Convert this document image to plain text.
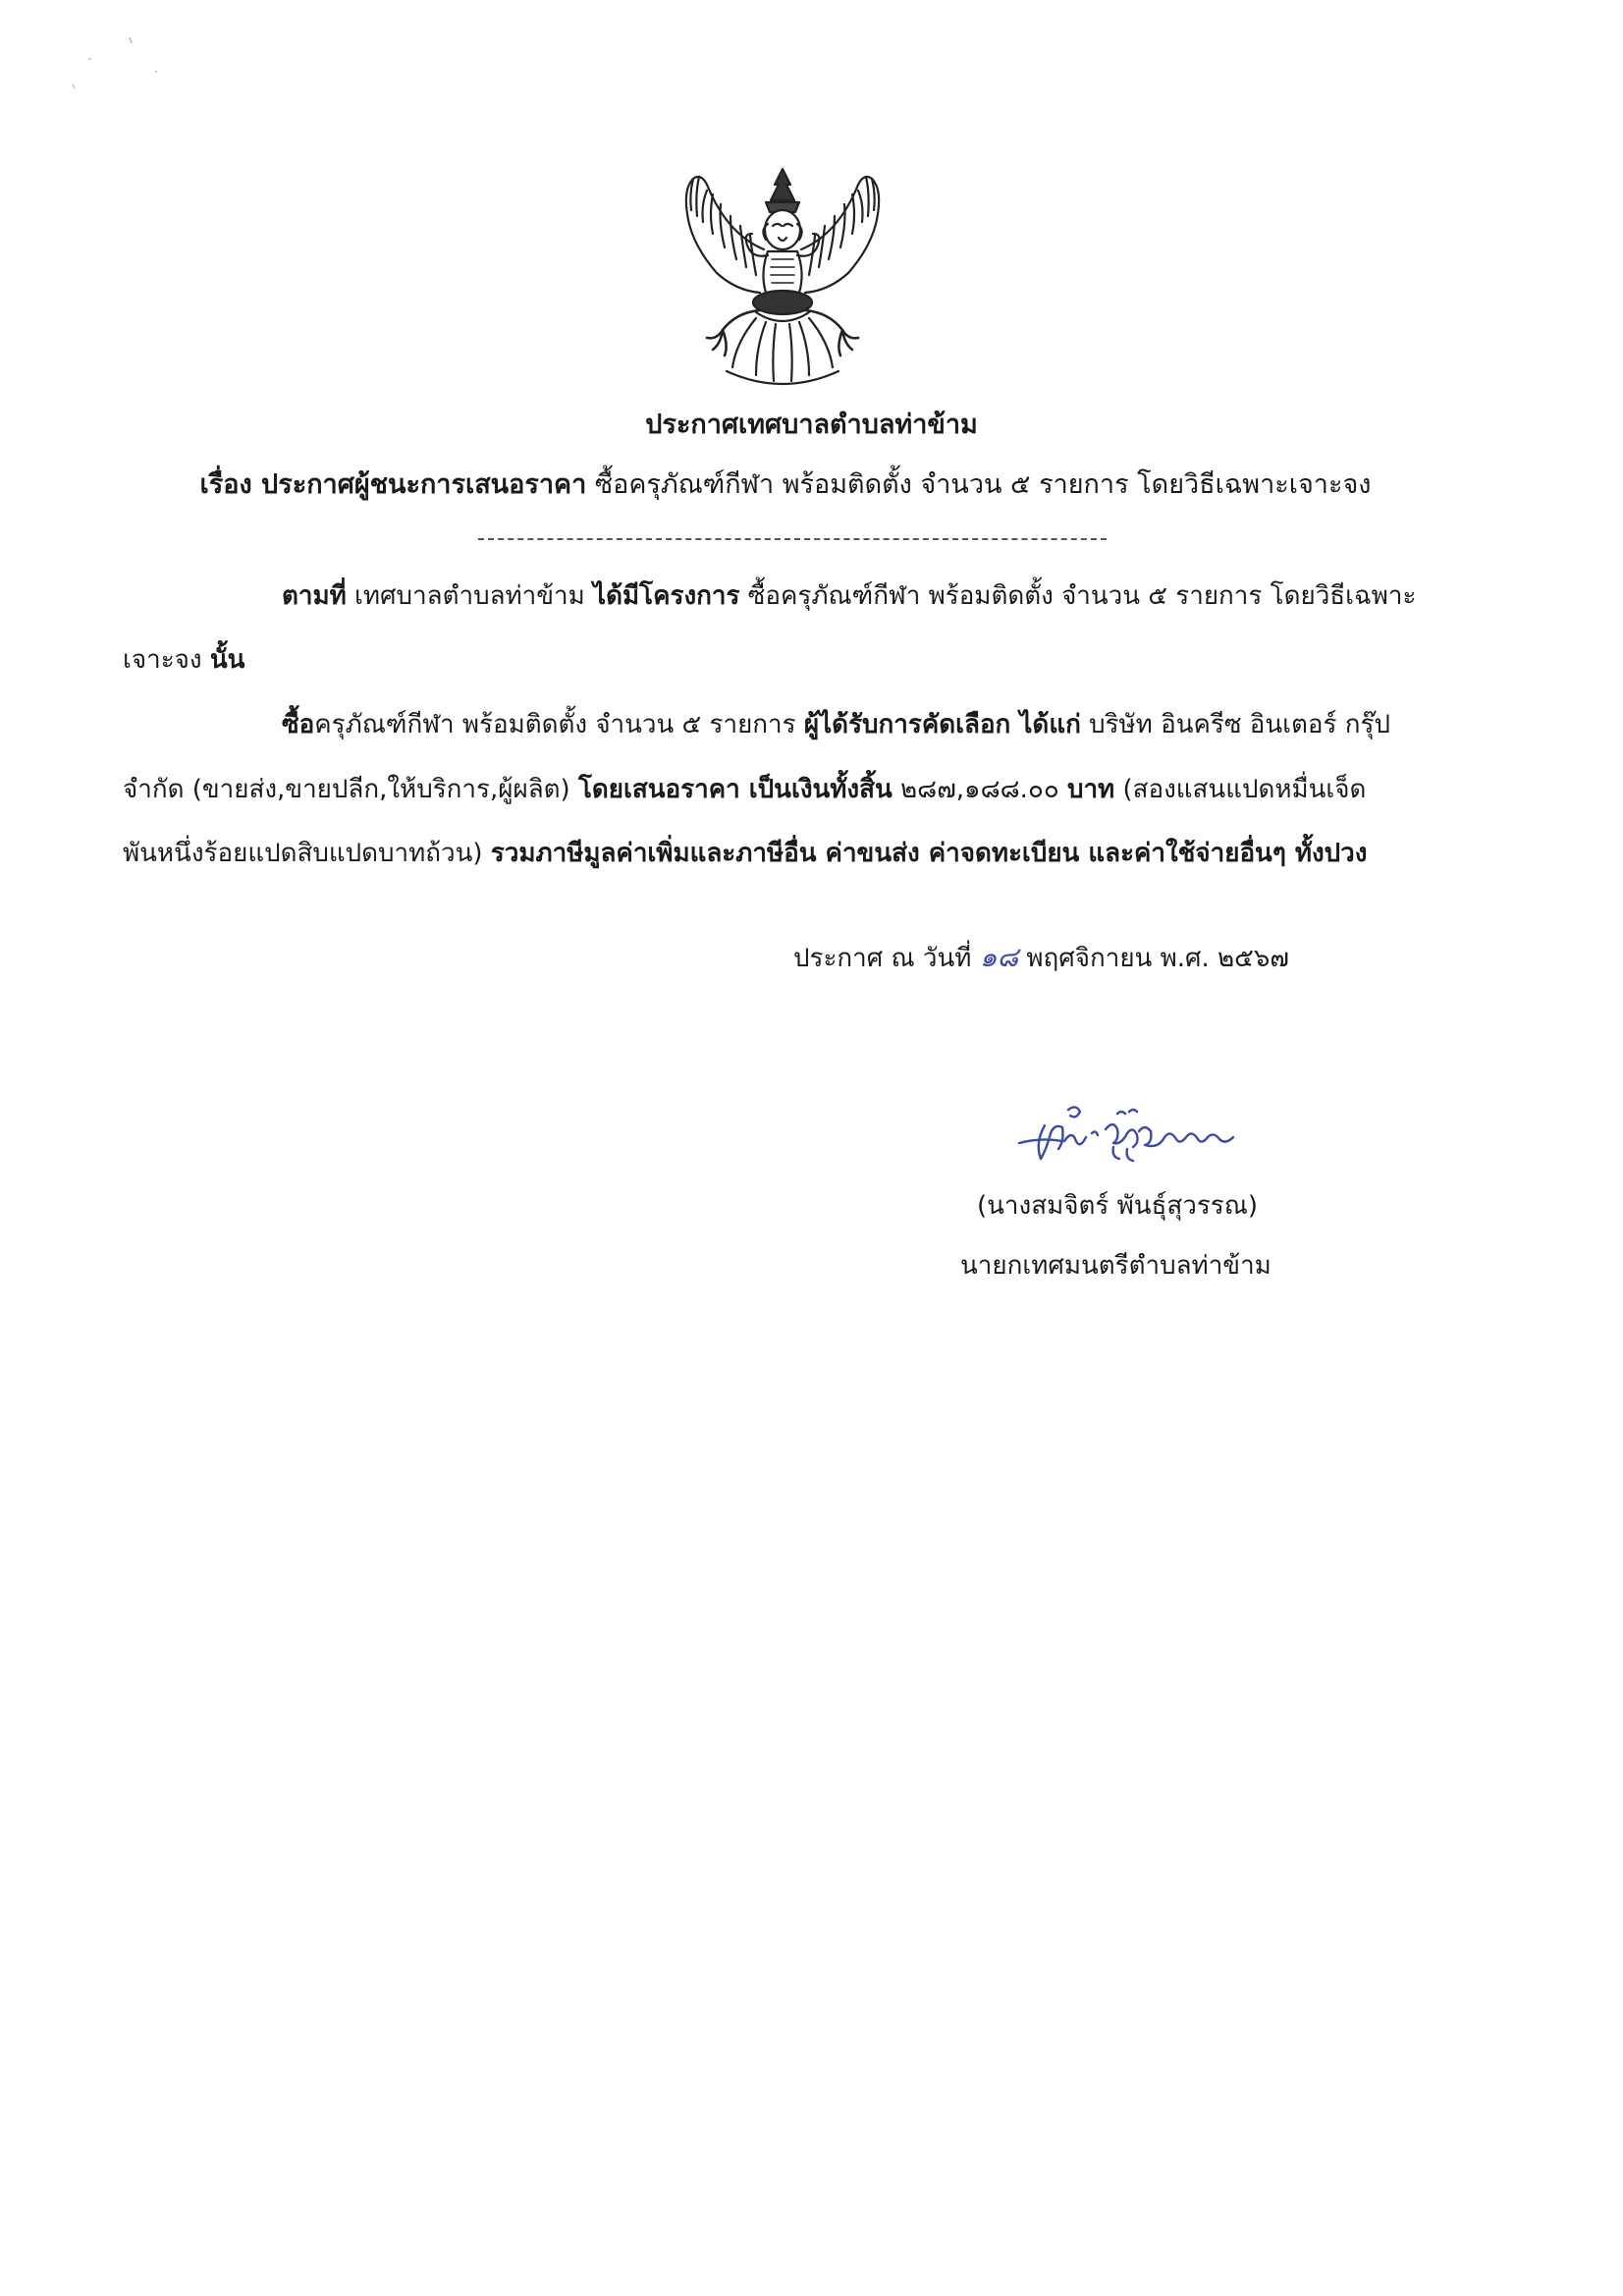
ประกาศเทศบาลตำบลท่าข้าม
เรื่อง ประกาศผู้ชนะการเสนอราคา ซื้อครุภัณฑ์กีฬา พร้อมติดตั้ง จำนวน ๕ รายการ โดยวิธีเฉพาะเจาะจง
ตามที่ เทศบาลตำบลท่าข้าม ได้มีโครงการ ซื้อครุภัณฑ์กีฬา พร้อมติดตั้ง จำนวน ๕ รายการ โดยวิธีเฉพาะ
เจาะจง นั้น
ซื้อครุภัณฑ์กีฬา พร้อมติดตั้ง จำนวน ๕ รายการ ผู้ได้รับการคัดเลือก ได้แก่ บริษัท อินครีซ อินเตอร์ กรุ๊ป
จำกัด (ขายส่ง,ขายปลีก,ให้บริการ,ผู้ผลิต) โดยเสนอราคา เป็นเงินทั้งสิ้น ๒๘๗,๑๘๘.๐๐ บาท (สองแสนแปดหมื่นเจ็ด
พันหนึ่งร้อยแปดสิบแปดบาทถ้วน) รวมภาษีมูลค่าเพิ่มและภาษีอื่น ค่าขนส่ง ค่าจดทะเบียน และค่าใช้จ่ายอื่นๆ ทั้งปวง
ประกาศ ณ วันที่ ๑๘ พฤศจิกายน พ.ศ. ๒๕๖๗
(นางสมจิตร์ พันธุ์สุวรรณ)
นายกเทศมนตรีตำบลท่าข้าม
